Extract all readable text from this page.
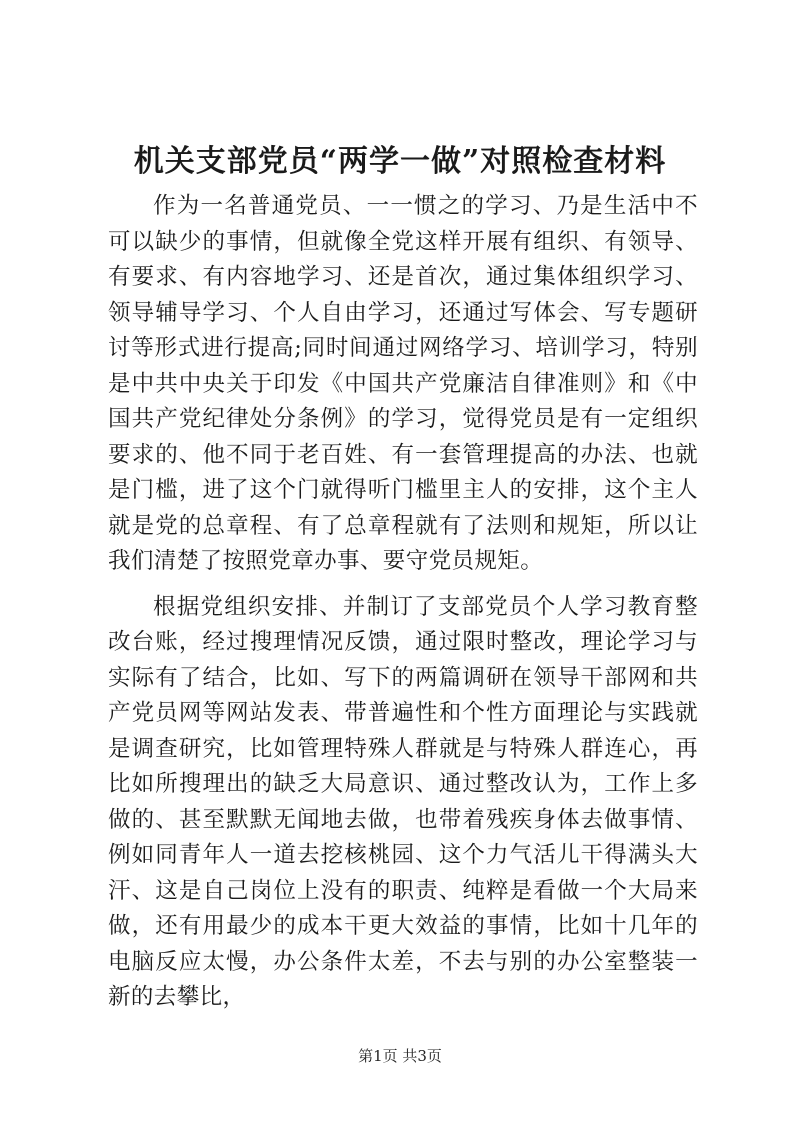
机关支部党员“两学一做”对照检查材料

作为一名普通党员、一一惯之的学习、乃是生活中不可以缺少的事情，但就像全党这样开展有组织、有领导、有要求、有内容地学习、还是首次，通过集体组织学习、领导辅导学习、个人自由学习，还通过写体会、写专题研讨等形式进行提高;同时间通过网络学习、培训学习，特别是中共中央关于印发《中国共产党廉洁自律准则》和《中国共产党纪律处分条例》的学习，觉得党员是有一定组织要求的、他不同于老百姓、有一套管理提高的办法、也就是门槛，进了这个门就得听门槛里主人的安排，这个主人就是党的总章程、有了总章程就有了法则和规矩，所以让我们清楚了按照党章办事、要守党员规矩。

根据党组织安排、并制订了支部党员个人学习教育整改台账，经过搜理情况反馈，通过限时整改，理论学习与实际有了结合，比如、写下的两篇调研在领导干部网和共产党员网等网站发表、带普遍性和个性方面理论与实践就是调查研究，比如管理特殊人群就是与特殊人群连心，再比如所搜理出的缺乏大局意识、通过整改认为，工作上多做的、甚至默默无闻地去做，也带着残疾身体去做事情、例如同青年人一道去挖核桃园、这个力气活儿干得满头大汗、这是自己岗位上没有的职责、纯粹是看做一个大局来做，还有用最少的成本干更大效益的事情，比如十几年的电脑反应太慢，办公条件太差，不去与别的办公室整装一新的去攀比，

第1页 共3页
